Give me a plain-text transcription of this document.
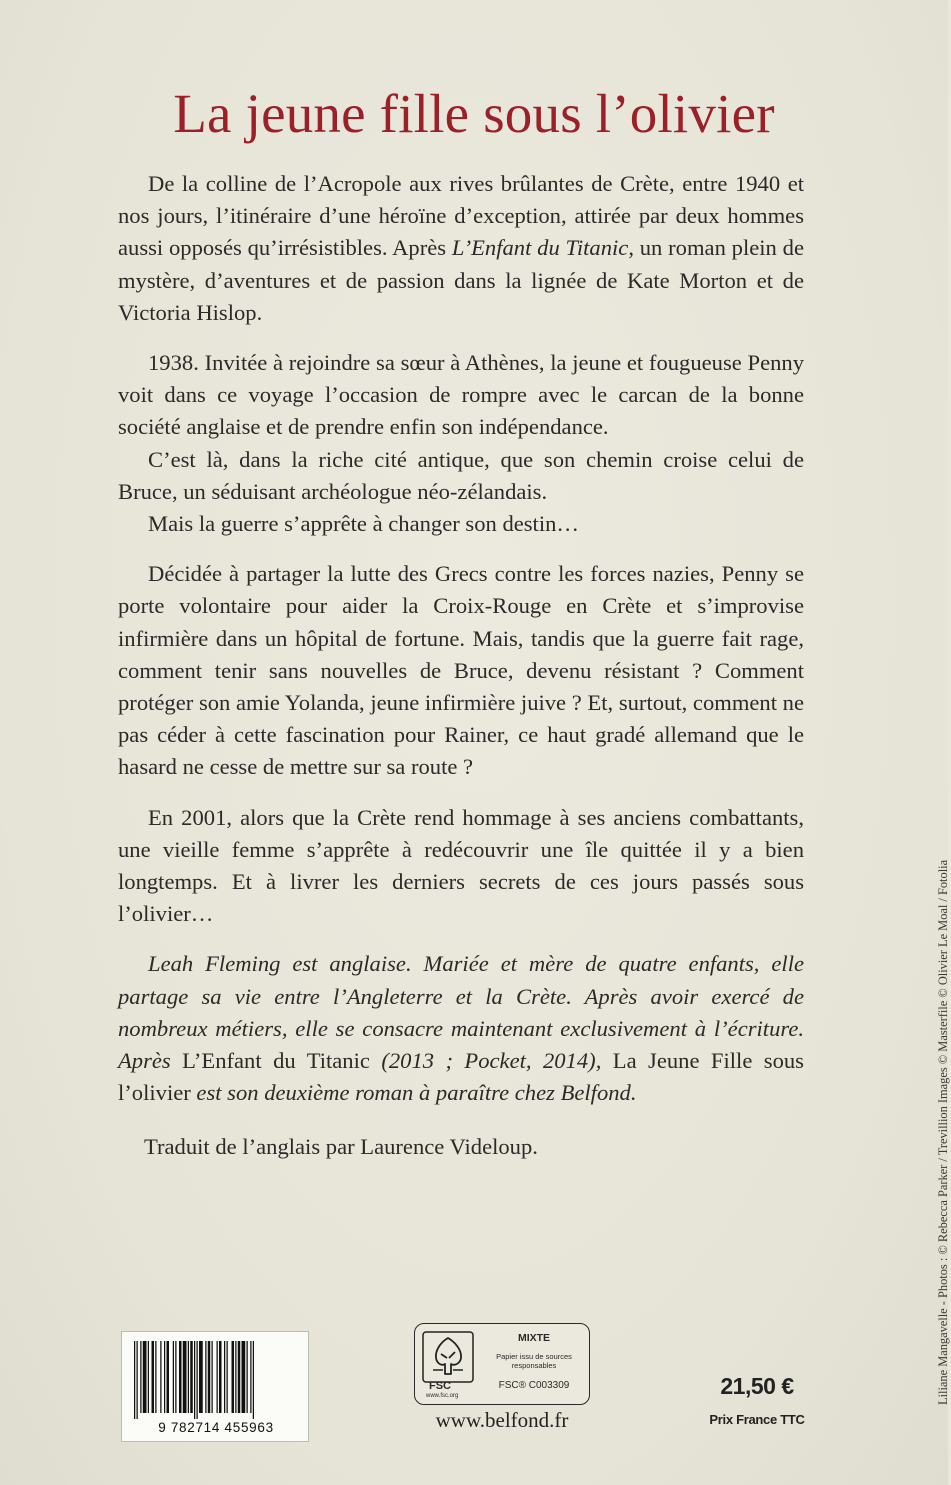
La jeune fille sous l’olivier

De la colline de l’Acropole aux rives brûlantes de Crète, entre 1940 et nos jours, l’itinéraire d’une héroïne d’exception, attirée par deux hommes aussi opposés qu’irrésistibles. Après L’Enfant du Titanic, un roman plein de mystère, d’aventures et de passion dans la lignée de Kate Morton et de Victoria Hislop.

1938. Invitée à rejoindre sa sœur à Athènes, la jeune et fougueuse Penny voit dans ce voyage l’occasion de rompre avec le carcan de la bonne société anglaise et de prendre enfin son indépendance.

C’est là, dans la riche cité antique, que son chemin croise celui de Bruce, un séduisant archéologue néo-zélandais.

Mais la guerre s’apprête à changer son destin…

Décidée à partager la lutte des Grecs contre les forces nazies, Penny se porte volontaire pour aider la Croix-Rouge en Crète et s’improvise infirmière dans un hôpital de fortune. Mais, tandis que la guerre fait rage, comment tenir sans nouvelles de Bruce, devenu résistant ? Comment protéger son amie Yolanda, jeune infirmière juive ? Et, surtout, comment ne pas céder à cette fascination pour Rainer, ce haut gradé allemand que le hasard ne cesse de mettre sur sa route ?

En 2001, alors que la Crète rend hommage à ses anciens combattants, une vieille femme s’apprête à redécouvrir une île quittée il y a bien longtemps. Et à livrer les derniers secrets de ces jours passés sous l’olivier…

Leah Fleming est anglaise. Mariée et mère de quatre enfants, elle partage sa vie entre l’Angleterre et la Crète. Après avoir exercé de nombreux métiers, elle se consacre maintenant exclusivement à l’écriture. Après L’Enfant du Titanic (2013 ; Pocket, 2014), La Jeune Fille sous l’olivier est son deuxième roman à paraître chez Belfond.

Traduit de l’anglais par Laurence Videloup.	Liliane Mangavelle - Photos : © Rebecca Parker / Trevillion Images © Masterfile © Olivier Le Moal / Fotolia
9 782714 455963
FSC
www.fsc.org
MIXTE
Papier issu de sources responsables
FSC® C003309
www.belfond.fr
21,50 €
Prix France TTC
